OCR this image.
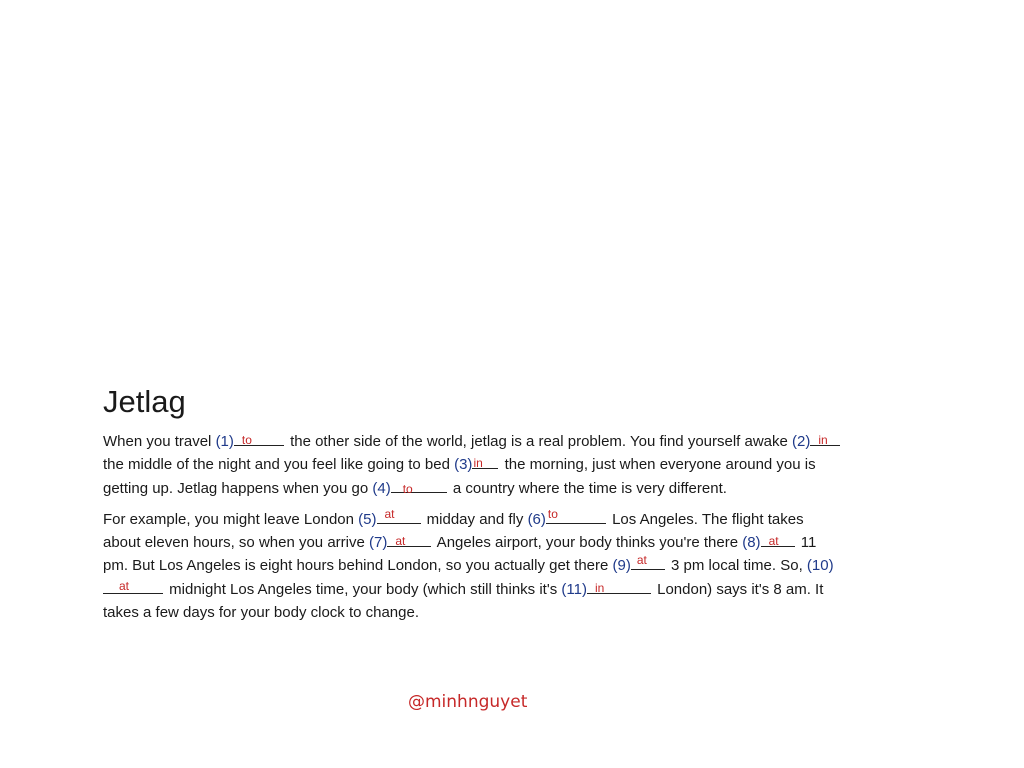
Jetlag

When you travel (1) to the other side of the world, jetlag is a real problem. You find yourself awake (2) in
the middle of the night and you feel like going to bed (3) in the morning, just when everyone around you is getting up. Jetlag happens when you go (4) to a country where the time is very different.

For example, you might leave London (5) at midday and fly (6) to	Los Angeles. The flight takes about eleven hours, so when you arrive (7) at Angeles airport, your body thinks you're there (8) at 11 pm. But Los Angeles is eight hours behind London, so you actually get there (9) at 3 pm local time. So, (10)
at midnight Los Angeles time, your body (which still thinks it's (11) in	London) says it's 8 am. It takes a few days for your body clock to change.

@minhnguyet
